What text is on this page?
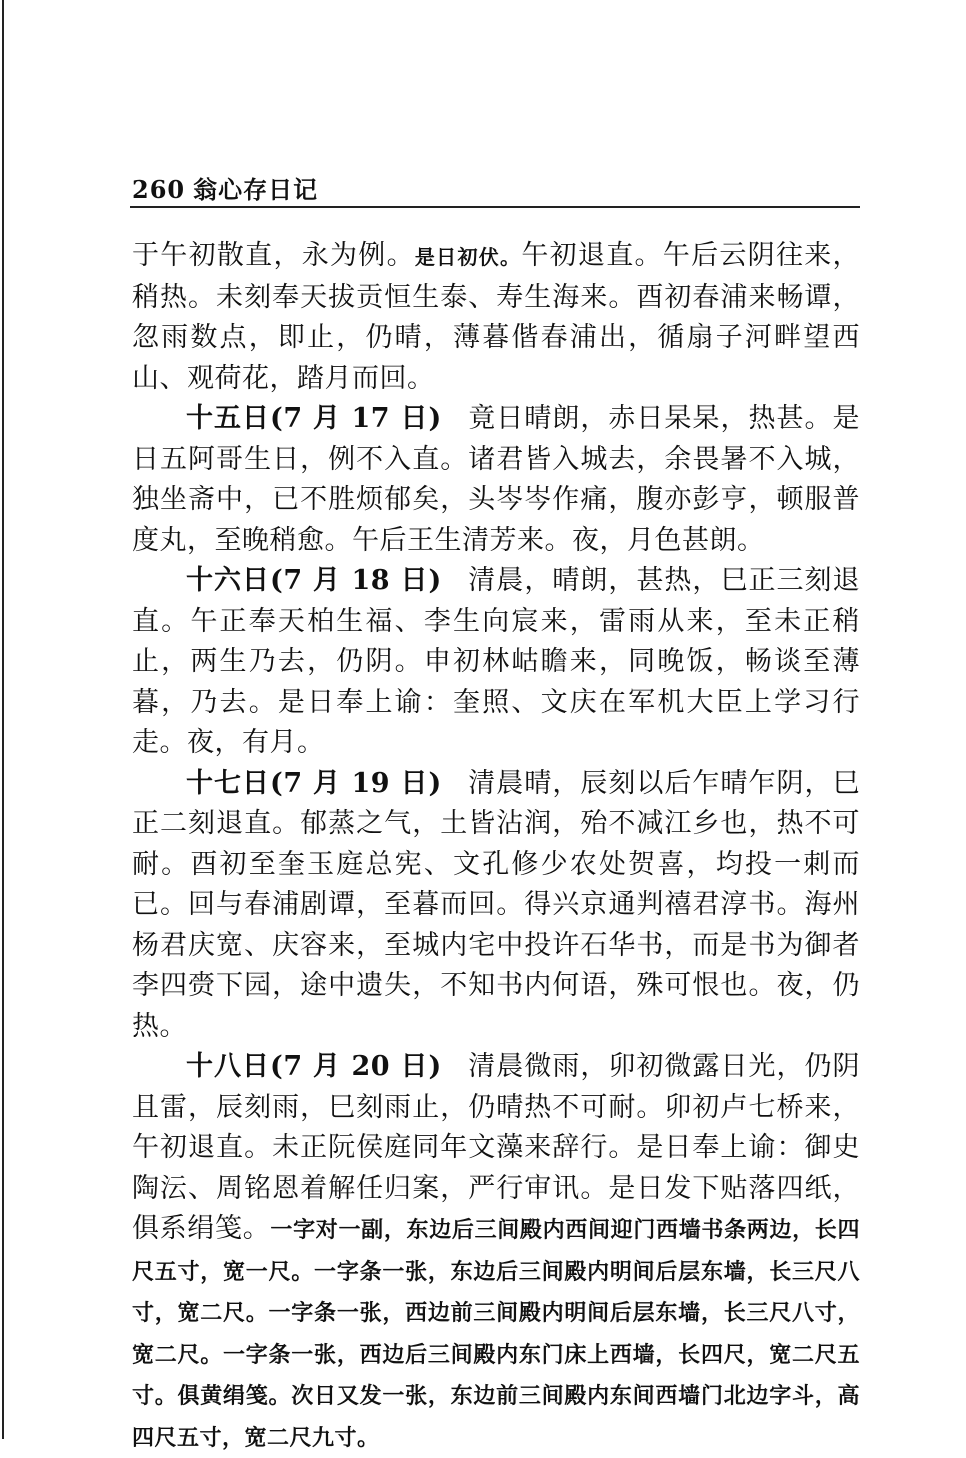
260 翁心存日记

于午初散直，永为例。是日初伏。午初退直。午后云阴往来，稍热。未刻奉天拔贡恒生泰、寿生海来。酉初春浦来畅谭，忽雨数点，即止，仍晴，薄暮偕春浦出，循扇子河畔望西山、观荷花，踏月而回。

十五日(7 月 17 日) 竟日晴朗，赤日杲杲，热甚。是日五阿哥生日，例不入直。诸君皆入城去，余畏暑不入城，独坐斋中，已不胜烦郁矣，头岑岑作痛，腹亦彭亨，顿服普度丸，至晚稍愈。午后王生清芳来。夜，月色甚朗。

十六日(7 月 18 日) 清晨，晴朗，甚热，巳正三刻退直。午正奉天柏生福、李生向宸来，雷雨从来，至未正稍止，两生乃去，仍阴。申初林岵瞻来，同晚饭，畅谈至薄暮，乃去。是日奉上谕：奎照、文庆在军机大臣上学习行走。夜，有月。

十七日(7 月 19 日) 清晨晴，辰刻以后乍晴乍阴，巳正二刻退直。郁蒸之气，土皆沾润，殆不减江乡也，热不可耐。酉初至奎玉庭总宪、文孔修少农处贺喜，均投一刺而已。回与春浦剧谭，至暮而回。得兴京通判禧君淳书。海州杨君庆宽、庆容来，至城内宅中投许石华书，而是书为御者李四赍下园，途中遗失，不知书内何语，殊可恨也。夜，仍热。

十八日(7 月 20 日) 清晨微雨，卯初微露日光，仍阴且雷，辰刻雨，巳刻雨止，仍晴热不可耐。卯初卢七桥来，午初退直。未正阮侯庭同年文藻来辞行。是日奉上谕：御史陶沄、周铭恩着解任归案，严行审讯。是日发下贴落四纸，俱系绢笺。一字对一副，东边后三间殿内西间迎门西墙书条两边，长四尺五寸，宽一尺。一字条一张，东边后三间殿内明间后层东墙，长三尺八寸，宽二尺。一字条一张，西边前三间殿内明间后层东墙，长三尺八寸，宽二尺。一字条一张，西边后三间殿内东门床上西墙，长四尺，宽二尺五寸。俱黄绢笺。次日又发一张，东边前三间殿内东间西墙门北边字斗，高四尺五寸，宽二尺九寸。
